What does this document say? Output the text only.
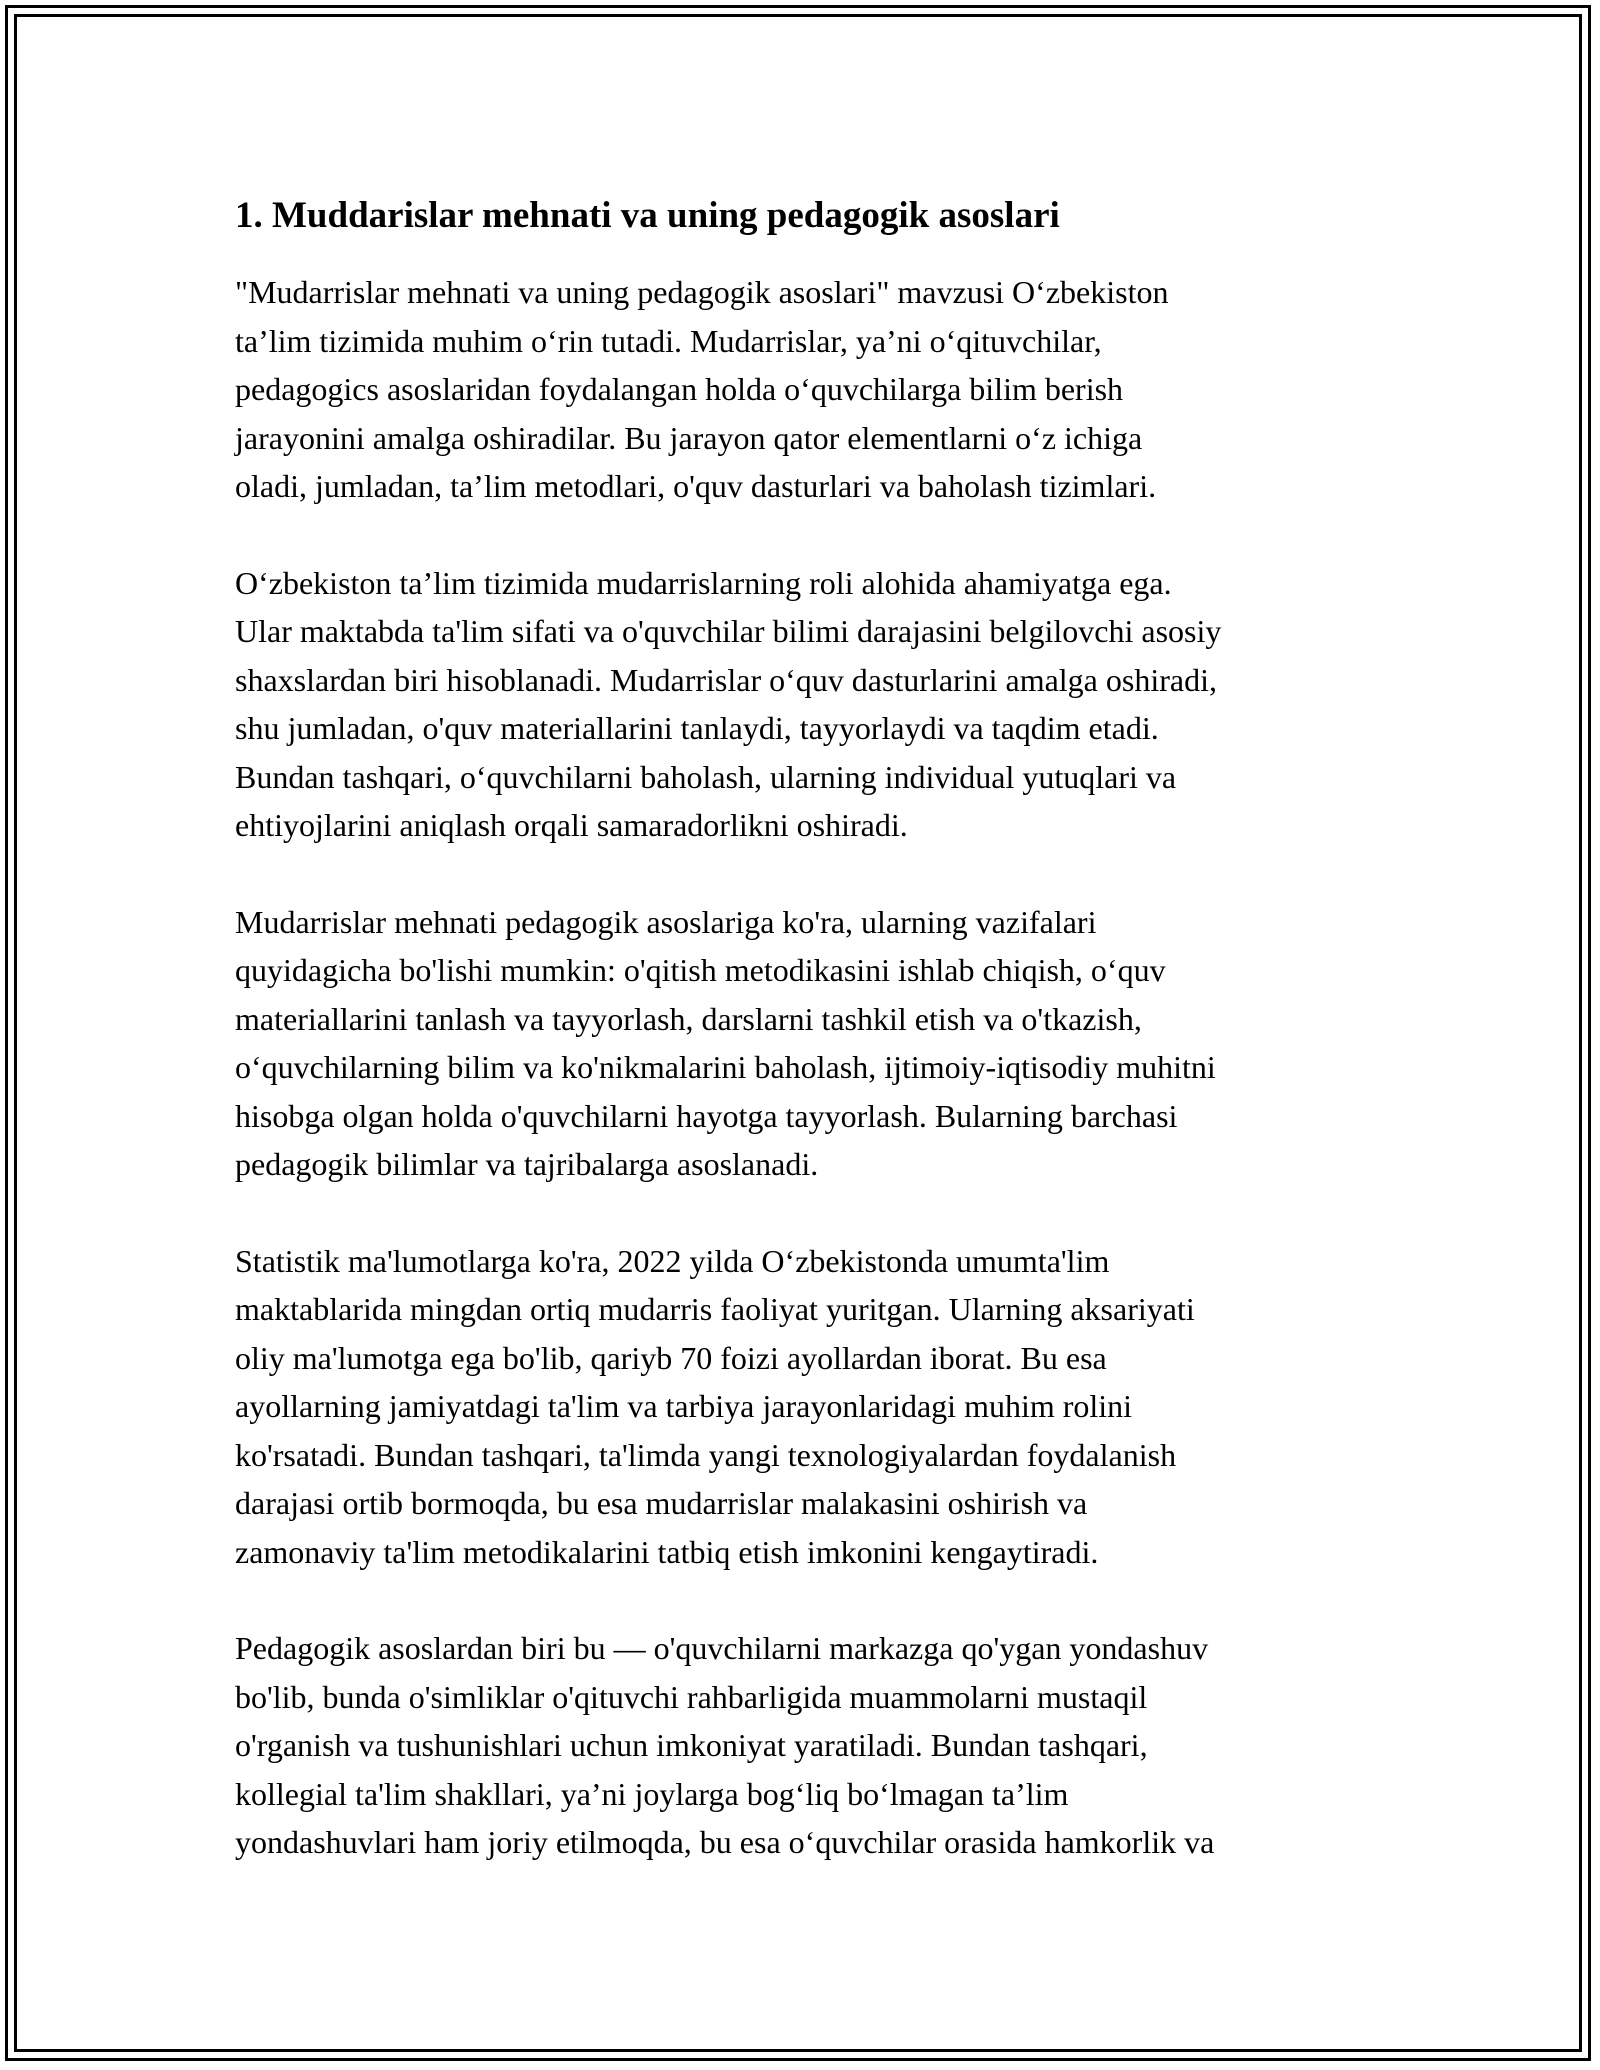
1. Muddarislar mehnati va uning pedagogik asoslari

"Mudarrislar mehnati va uning pedagogik asoslari" mavzusi O‘zbekiston
ta’lim tizimida muhim o‘rin tutadi. Mudarrislar, ya’ni o‘qituvchilar,
pedagogics asoslaridan foydalangan holda o‘quvchilarga bilim berish
jarayonini amalga oshiradilar. Bu jarayon qator elementlarni o‘z ichiga
oladi, jumladan, ta’lim metodlari, o'quv dasturlari va baholash tizimlari.

O‘zbekiston ta’lim tizimida mudarrislarning roli alohida ahamiyatga ega.
Ular maktabda ta'lim sifati va o'quvchilar bilimi darajasini belgilovchi asosiy
shaxslardan biri hisoblanadi. Mudarrislar o‘quv dasturlarini amalga oshiradi,
shu jumladan, o'quv materiallarini tanlaydi, tayyorlaydi va taqdim etadi.
Bundan tashqari, o‘quvchilarni baholash, ularning individual yutuqlari va
ehtiyojlarini aniqlash orqali samaradorlikni oshiradi.

Mudarrislar mehnati pedagogik asoslariga ko'ra, ularning vazifalari
quyidagicha bo'lishi mumkin: o'qitish metodikasini ishlab chiqish, o‘quv
materiallarini tanlash va tayyorlash, darslarni tashkil etish va o'tkazish,
o‘quvchilarning bilim va ko'nikmalarini baholash, ijtimoiy-iqtisodiy muhitni
hisobga olgan holda o'quvchilarni hayotga tayyorlash. Bularning barchasi
pedagogik bilimlar va tajribalarga asoslanadi.

Statistik ma'lumotlarga ko'ra, 2022 yilda O‘zbekistonda umumta'lim
maktablarida mingdan ortiq mudarris faoliyat yuritgan. Ularning aksariyati
oliy ma'lumotga ega bo'lib, qariyb 70 foizi ayollardan iborat. Bu esa
ayollarning jamiyatdagi ta'lim va tarbiya jarayonlaridagi muhim rolini
ko'rsatadi. Bundan tashqari, ta'limda yangi texnologiyalardan foydalanish
darajasi ortib bormoqda, bu esa mudarrislar malakasini oshirish va
zamonaviy ta'lim metodikalarini tatbiq etish imkonini kengaytiradi.

Pedagogik asoslardan biri bu — o'quvchilarni markazga qo'ygan yondashuv
bo'lib, bunda o'simliklar o'qituvchi rahbarligida muammolarni mustaqil
o'rganish va tushunishlari uchun imkoniyat yaratiladi. Bundan tashqari,
kollegial ta'lim shakllari, ya’ni joylarga bog‘liq bo‘lmagan ta’lim
yondashuvlari ham joriy etilmoqda, bu esa o‘quvchilar orasida hamkorlik va
